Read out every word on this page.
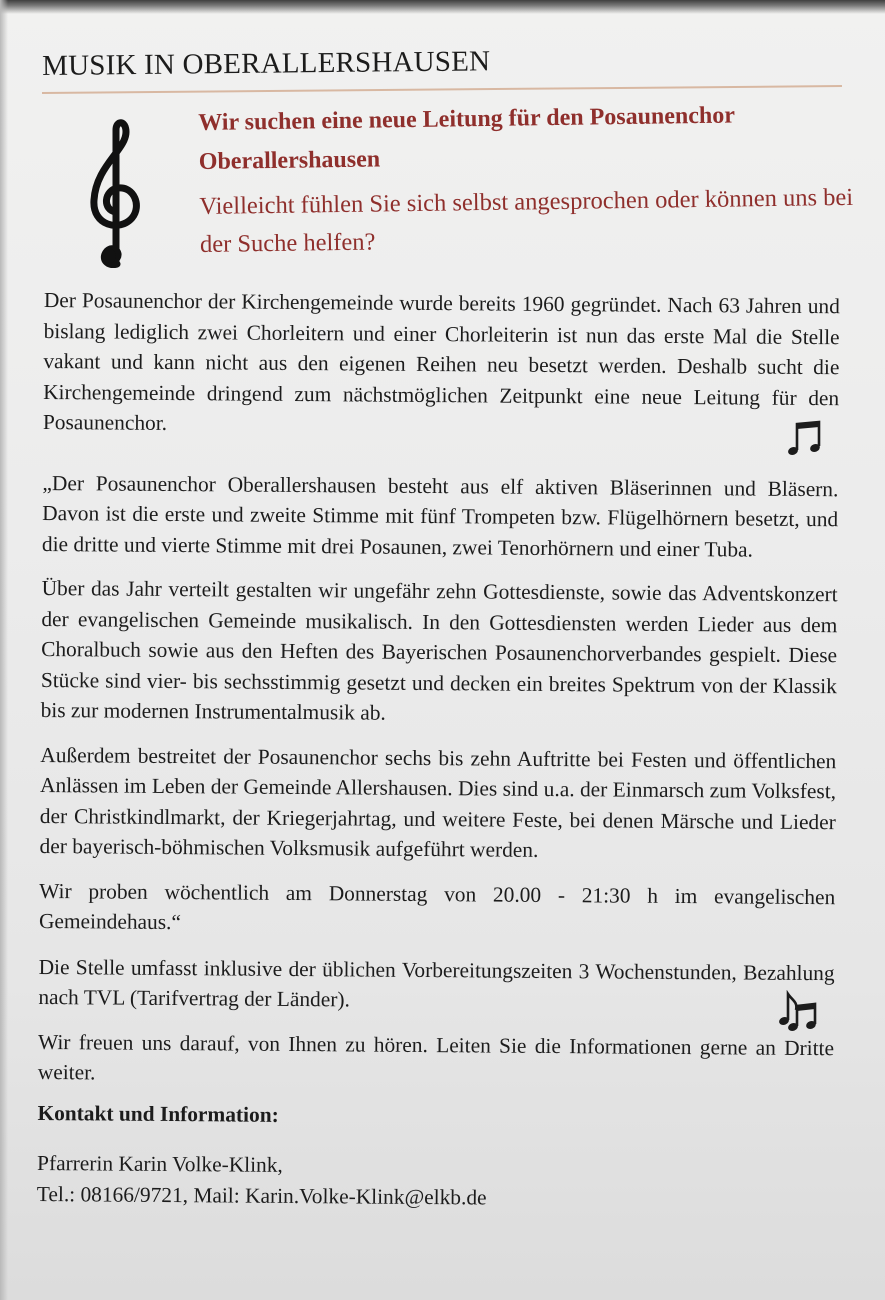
MUSIK IN OBERALLERSHAUSEN

Wir suchen eine neue Leitung für den Posaunenchor Oberallershausen

Vielleicht fühlen Sie sich selbst angesprochen oder können uns bei der Suche helfen?

Der Posaunenchor der Kirchengemeinde wurde bereits 1960 gegründet. Nach 63 Jahren und bislang lediglich zwei Chorleitern und einer Chorleiterin ist nun das erste Mal die Stelle vakant und kann nicht aus den eigenen Reihen neu besetzt werden. Deshalb sucht die Kirchengemeinde dringend zum nächstmöglichen Zeitpunkt eine neue Leitung für den Posaunenchor.

„Der Posaunenchor Oberallershausen besteht aus elf aktiven Bläserinnen und Bläsern. Davon ist die erste und zweite Stimme mit fünf Trompeten bzw. Flügelhörnern besetzt, und die dritte und vierte Stimme mit drei Posaunen, zwei Tenorhörnern und einer Tuba.

Über das Jahr verteilt gestalten wir ungefähr zehn Gottesdienste, sowie das Adventskonzert der evangelischen Gemeinde musikalisch. In den Gottesdiensten werden Lieder aus dem Choralbuch sowie aus den Heften des Bayerischen Posaunenchorverbandes gespielt. Diese Stücke sind vier- bis sechsstimmig gesetzt und decken ein breites Spektrum von der Klassik bis zur modernen Instrumentalmusik ab.

Außerdem bestreitet der Posaunenchor sechs bis zehn Auftritte bei Festen und öffentlichen Anlässen im Leben der Gemeinde Allershausen. Dies sind u.a. der Einmarsch zum Volksfest, der Christkindlmarkt, der Kriegerjahrtag, und weitere Feste, bei denen Märsche und Lieder der bayerisch-böhmischen Volksmusik aufgeführt werden.

Wir proben wöchentlich am Donnerstag von 20.00 - 21:30 h im evangelischen Gemeindehaus.“

Die Stelle umfasst inklusive der üblichen Vorbereitungszeiten 3 Wochenstunden, Bezahlung nach TVL (Tarifvertrag der Länder).

Wir freuen uns darauf, von Ihnen zu hören. Leiten Sie die Informationen gerne an Dritte weiter.

Kontakt und Information:

Pfarrerin Karin Volke-Klink,

Tel.: 08166/9721, Mail: Karin.Volke-Klink@elkb.de
